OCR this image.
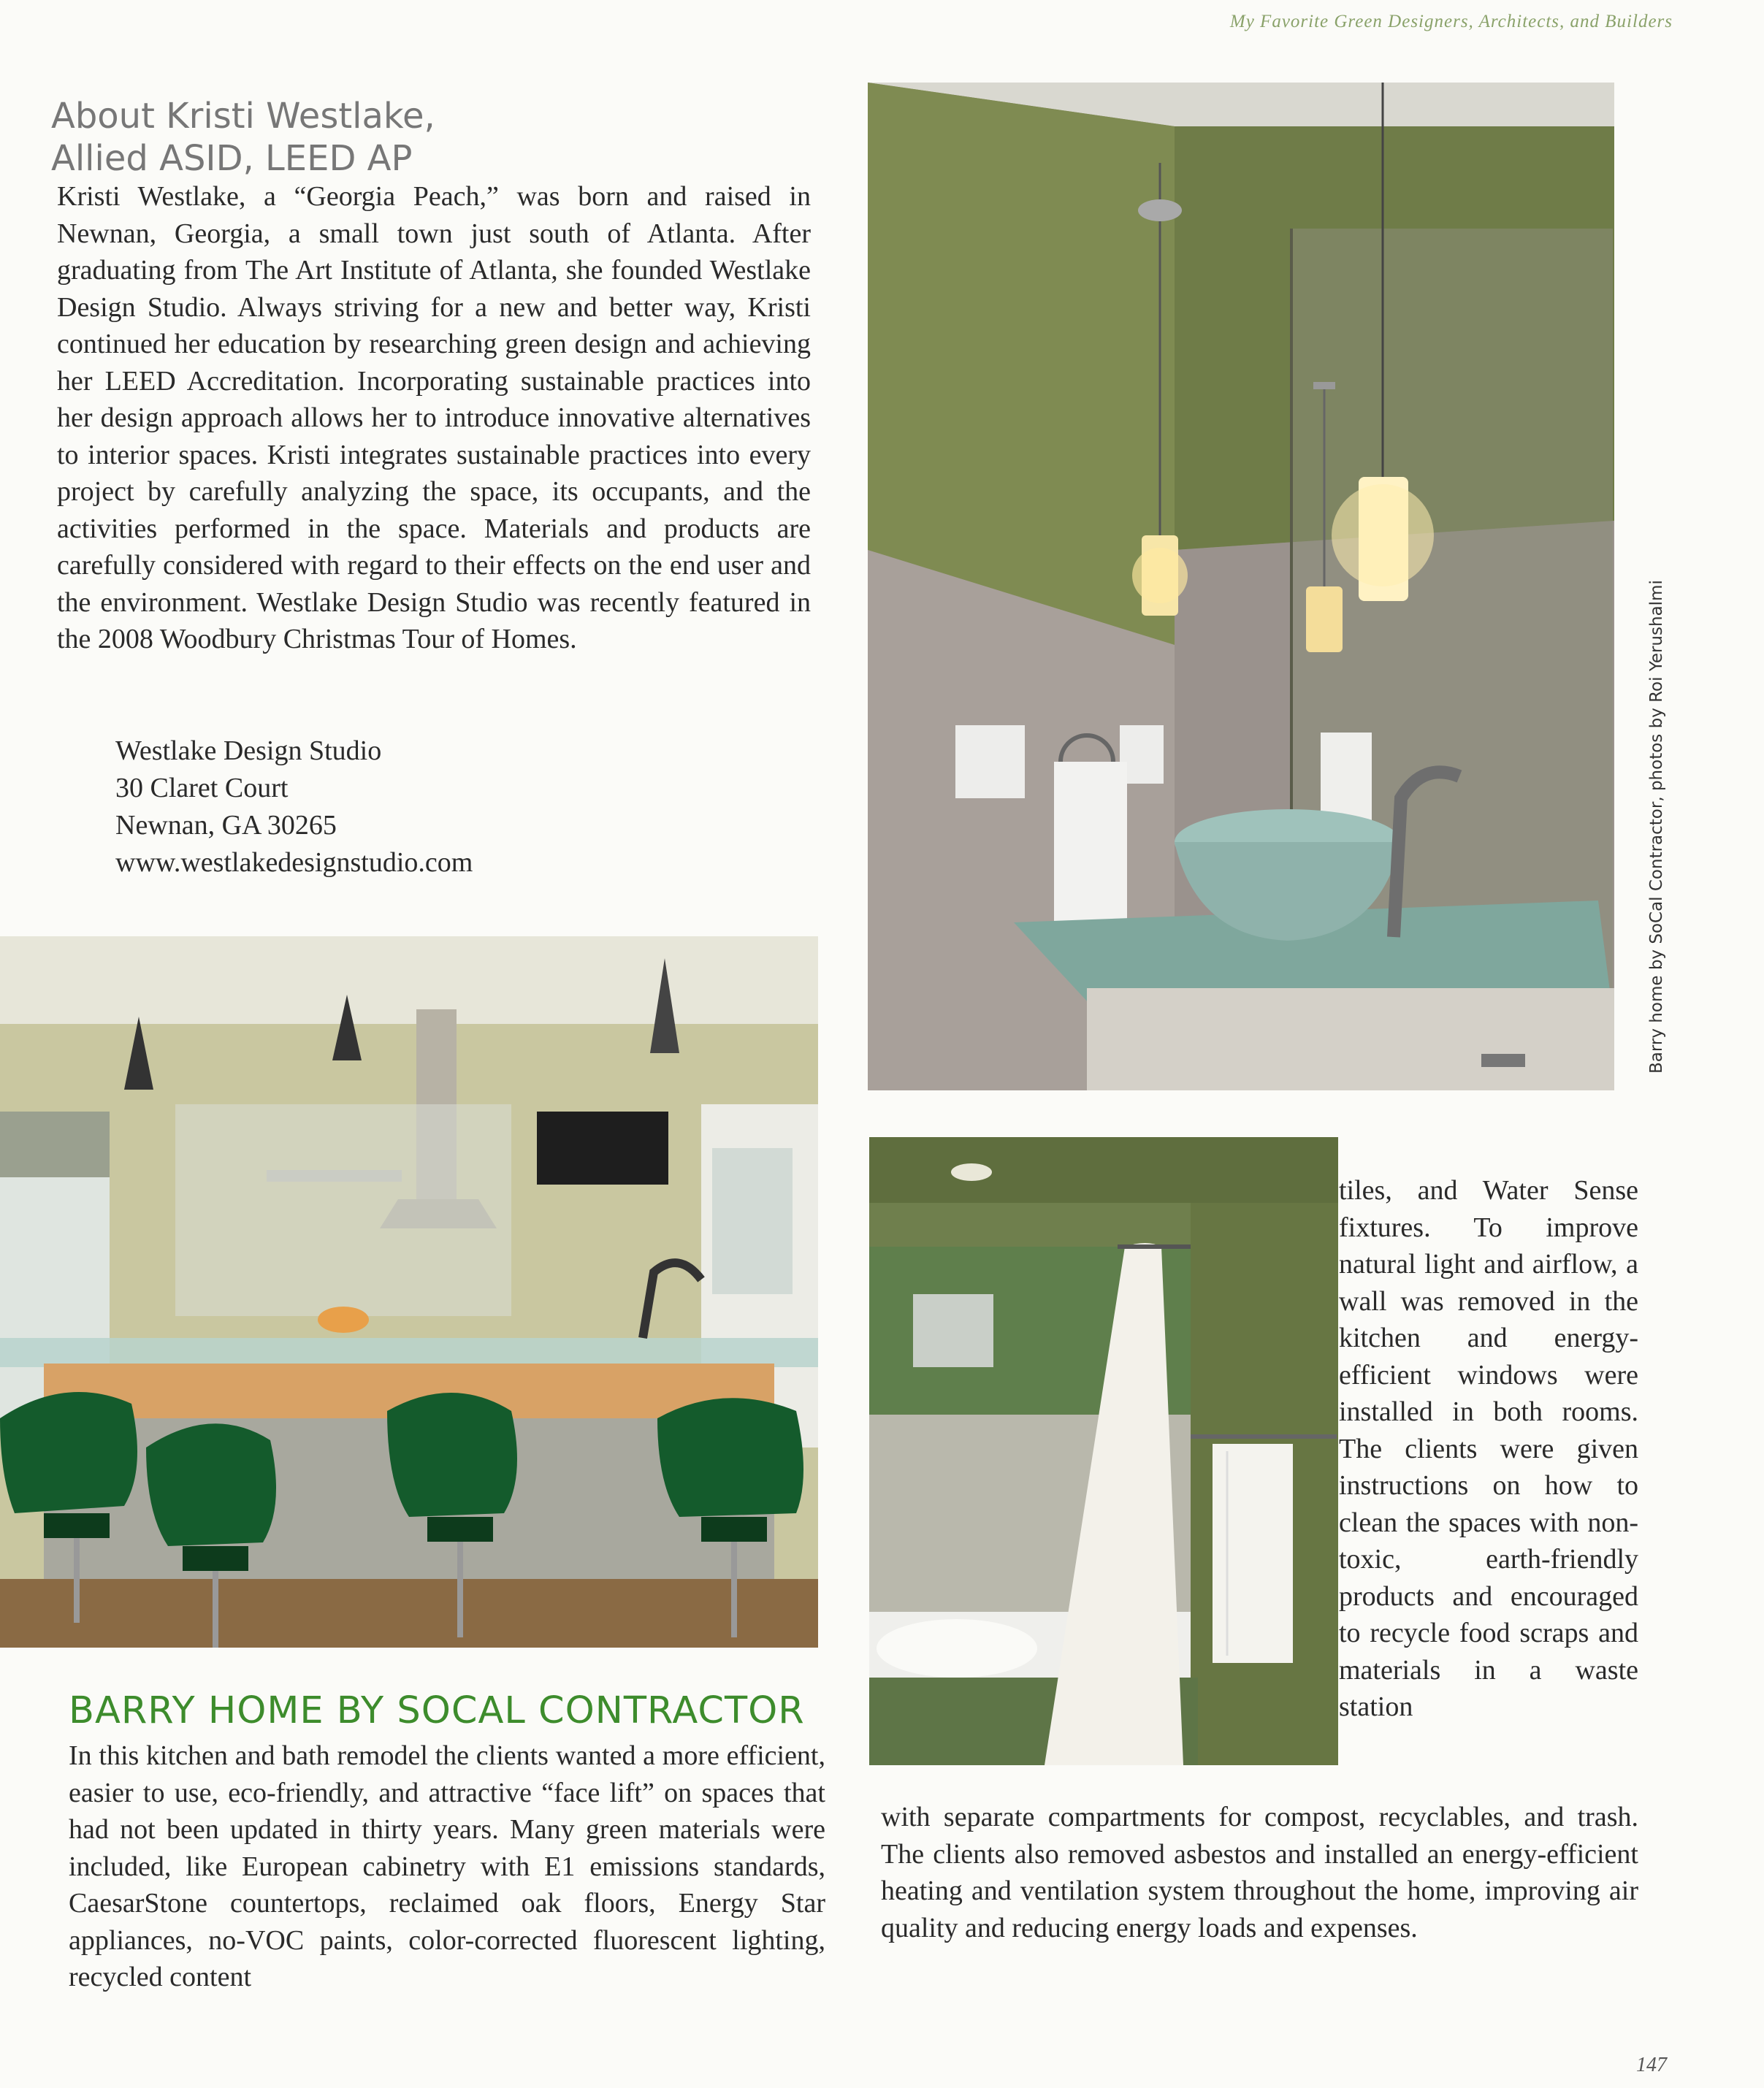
My Favorite Green Designers, Architects, and Builders
About Kristi Westlake,
Allied ASID, LEED AP

Kristi Westlake, a “Georgia Peach,” was born and raised in Newnan, Georgia, a small town just south of Atlanta. After graduating from The Art Institute of Atlanta, she founded Westlake Design Studio. Always striving for a new and better way, Kristi continued her education by researching green design and achieving her LEED Accreditation. Incorporating sustainable practices into her design approach allows her to introduce innovative alternatives to interior spaces. Kristi integrates sustainable practices into every project by carefully analyzing the space, its occupants, and the activities performed in the space. Materials and products are carefully considered with regard to their effects on the end user and the environment. Westlake Design Studio was recently featured in the 2008 Woodbury Christmas Tour of Homes.

Westlake Design Studio
30 Claret Court
Newnan, GA 30265
www.westlakedesignstudio.com	Barry home by SoCal Contractor, photos by Roi Yerushalmi
BARRY HOME BY SOCAL CONTRACTOR

In this kitchen and bath remodel the clients wanted a more efficient, easier to use, eco-friendly, and attractive “face lift” on spaces that had not been updated in thirty years. Many green materials were included, like European cabinetry with E1 emissions standards, CaesarStone countertops, reclaimed oak floors, Energy Star appliances, no-VOC paints, color-corrected fluorescent lighting, recycled content

tiles, and Water Sense fixtures. To improve natural light and airflow, a wall was removed in the kitchen and energy-efficient windows were installed in both rooms. The clients were given instructions on how to clean the spaces with non-toxic, earth-friendly products and encouraged to recycle food scraps and materials in a waste station

with separate compartments for compost, recyclables, and trash. The clients also removed asbestos and installed an energy-efficient heating and ventilation system throughout the home, improving air quality and reducing energy loads and expenses.

147
